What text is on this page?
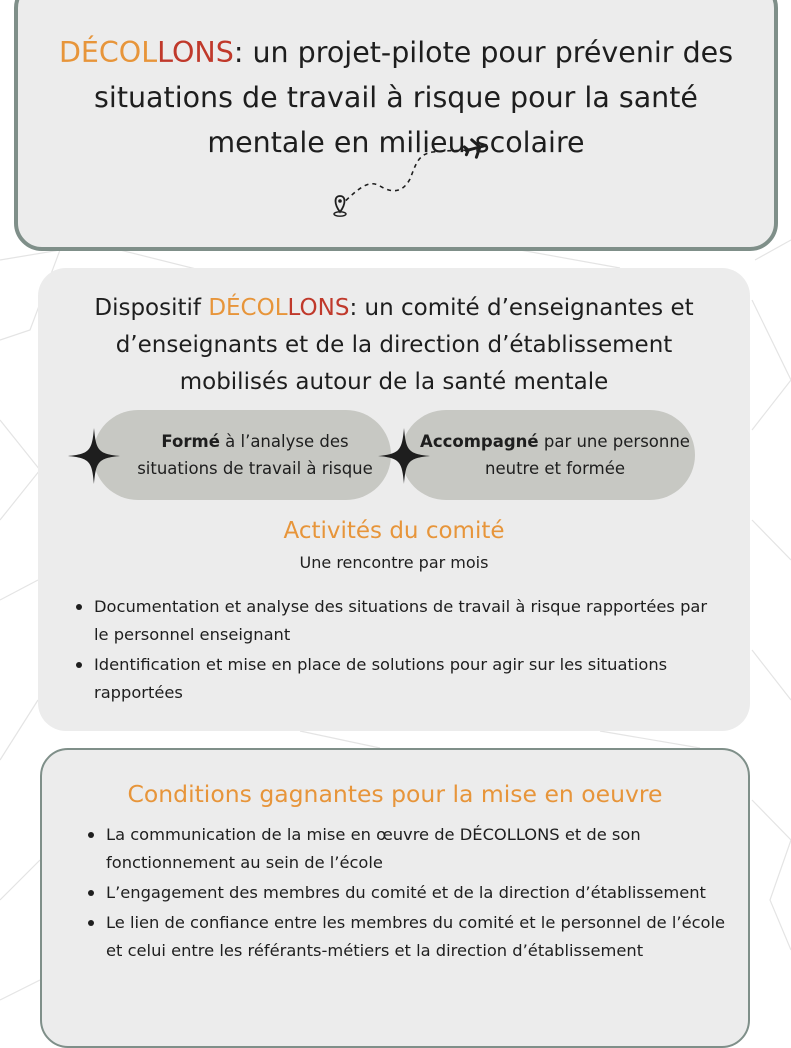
DÉCOLLONS: un projet-pilote pour prévenir des situations de travail à risque pour la santé mentale en milieu scolaire
Dispositif DÉCOLLONS: un comité d’enseignantes et d’enseignants et de la direction d’établissement mobilisés autour de la santé mentale
Formé à l’analyse des situations de travail à risque
Accompagné par une personne neutre et formée
Activités du comité
Une rencontre par mois
Documentation et analyse des situations de travail à risque rapportées par le personnel enseignant
Identification et mise en place de solutions pour agir sur les situations rapportées
Conditions gagnantes pour la mise en oeuvre
La communication de la mise en œuvre de DÉCOLLONS et de son fonctionnement au sein de l’école
L’engagement des membres du comité et de la direction d’établissement
Le lien de confiance entre les membres du comité et le personnel de l’école et celui entre les référants-métiers et la direction d’établissement
